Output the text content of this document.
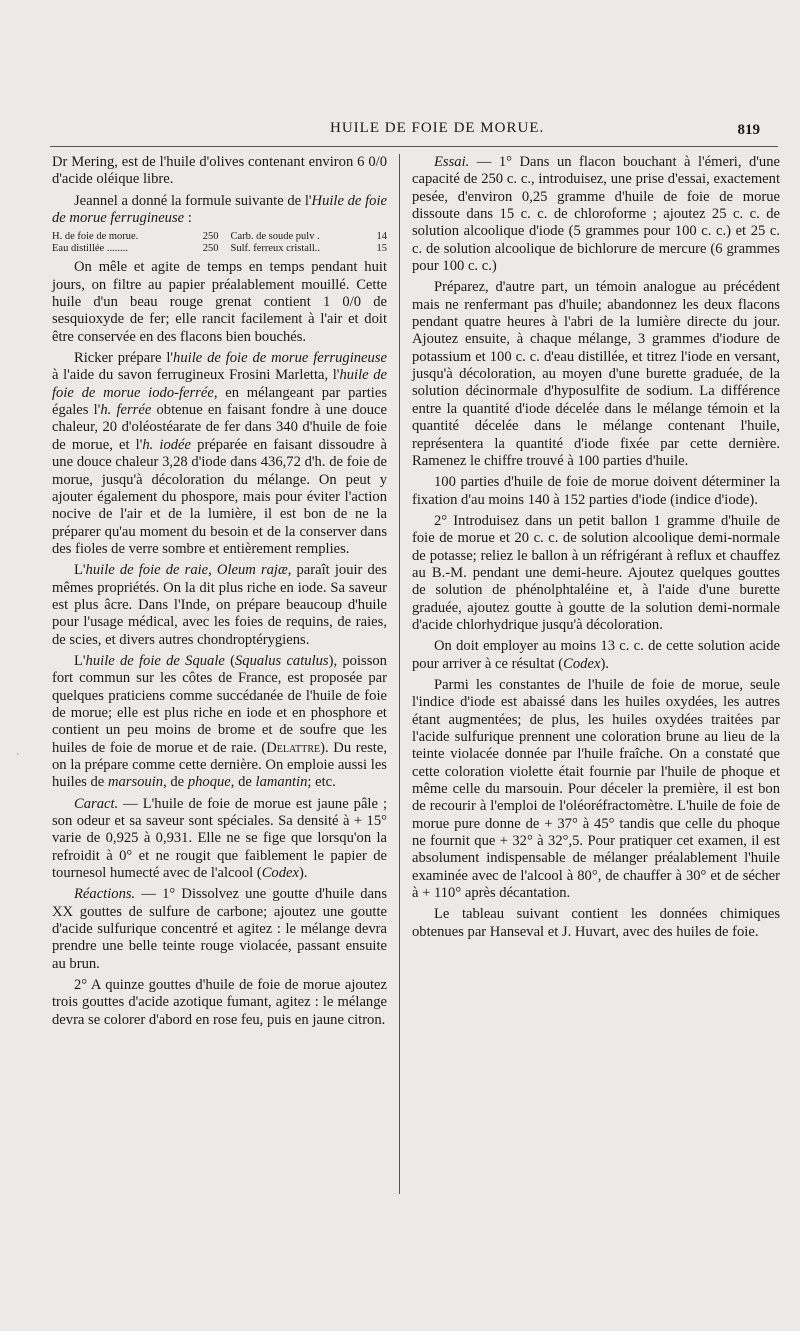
HUILE DE FOIE DE MORUE.	819
˴

Dr Mering, est de l'huile d'olives contenant environ 6 0/0 d'acide oléique libre.

Jeannel a donné la formule suivante de l'Huile de foie de morue ferrugineuse :

H. de foie de morue.	250	Carb. de soude pulv .	14
Eau distillée ........	250	Sulf. ferreux cristall..	15

On mêle et agite de temps en temps pendant huit jours, on filtre au papier préalablement mouillé. Cette huile d'un beau rouge grenat contient 1 0/0 de sesquioxyde de fer; elle rancit facilement à l'air et doit être conservée en des flacons bien bouchés.

Ricker prépare l'huile de foie de morue ferrugineuse à l'aide du savon ferrugineux Frosini Marletta, l'huile de foie de morue iodo-ferrée, en mélangeant par parties égales l'h. ferrée obtenue en faisant fondre à une douce chaleur, 20 d'oléostéarate de fer dans 340 d'huile de foie de morue, et l'h. iodée préparée en faisant dissoudre à une douce chaleur 3,28 d'iode dans 436,72 d'h. de foie de morue, jusqu'à décoloration du mélange. On peut y ajouter également du phospore, mais pour éviter l'action nocive de l'air et de la lumière, il est bon de ne la préparer qu'au moment du besoin et de la conserver dans des fioles de verre sombre et entièrement remplies.

L'huile de foie de raie, Oleum rajæ, paraît jouir des mêmes propriétés. On la dit plus riche en iode. Sa saveur est plus âcre. Dans l'Inde, on prépare beaucoup d'huile pour l'usage médical, avec les foies de requins, de raies, de scies, et divers autres chondroptérygiens.

L'huile de foie de Squale (Squalus catulus), poisson fort commun sur les côtes de France, est proposée par quelques praticiens comme succédanée de l'huile de foie de morue; elle est plus riche en iode et en phosphore et contient un peu moins de brome et de soufre que les huiles de foie de morue et de raie. (Delattre). Du reste, on la prépare comme cette dernière. On emploie aussi les huiles de marsouin, de phoque, de lamantin; etc.

Caract. — L'huile de foie de morue est jaune pâle ; son odeur et sa saveur sont spéciales. Sa densité à + 15° varie de 0,925 à 0,931. Elle ne se fige que lorsqu'on la refroidit à 0° et ne rougit que faiblement le papier de tournesol humecté avec de l'alcool (Codex).

Réactions. — 1° Dissolvez une goutte d'huile dans XX gouttes de sulfure de carbone; ajoutez une goutte d'acide sulfurique concentré et agitez : le mélange devra prendre une belle teinte rouge violacée, passant ensuite au brun.

2° A quinze gouttes d'huile de foie de morue ajoutez trois gouttes d'acide azotique fumant, agitez : le mélange devra se colorer d'abord en rose feu, puis en jaune citron.

Essai. — 1° Dans un flacon bouchant à l'émeri, d'une capacité de 250 c. c., introduisez, une prise d'essai, exactement pesée, d'environ 0,25 gramme d'huile de foie de morue dissoute dans 15 c. c. de chloroforme ; ajoutez 25 c. c. de solution alcoolique d'iode (5 grammes pour 100 c. c.) et 25 c. c. de solution alcoolique de bichlorure de mercure (6 grammes pour 100 c. c.)

Préparez, d'autre part, un témoin analogue au précédent mais ne renfermant pas d'huile; abandonnez les deux flacons pendant quatre heures à l'abri de la lumière directe du jour. Ajoutez ensuite, à chaque mélange, 3 grammes d'iodure de potassium et 100 c. c. d'eau distillée, et titrez l'iode en versant, jusqu'à décoloration, au moyen d'une burette graduée, de la solution décinormale d'hyposulfite de sodium. La différence entre la quantité d'iode décelée dans le mélange témoin et la quantité décelée dans le mélange contenant l'huile, représentera la quantité d'iode fixée par cette dernière. Ramenez le chiffre trouvé à 100 parties d'huile.

100 parties d'huile de foie de morue doivent déterminer la fixation d'au moins 140 à 152 parties d'iode (indice d'iode).

2° Introduisez dans un petit ballon 1 gramme d'huile de foie de morue et 20 c. c. de solution alcoolique demi-normale de potasse; reliez le ballon à un réfrigérant à reflux et chauffez au B.-M. pendant une demi-heure. Ajoutez quelques gouttes de solution de phénolphtaléine et, à l'aide d'une burette graduée, ajoutez goutte à goutte de la solution demi-normale d'acide chlorhydrique jusqu'à décoloration.

On doit employer au moins 13 c. c. de cette solution acide pour arriver à ce résultat (Codex).

Parmi les constantes de l'huile de foie de morue, seule l'indice d'iode est abaissé dans les huiles oxydées, les autres étant augmentées; de plus, les huiles oxydées traitées par l'acide sulfurique prennent une coloration brune au lieu de la teinte violacée donnée par l'huile fraîche. On a constaté que cette coloration violette était fournie par l'huile de phoque et même celle du marsouin. Pour déceler la première, il est bon de recourir à l'emploi de l'oléoréfractomètre. L'huile de foie de morue pure donne de + 37° à 45° tandis que celle du phoque ne fournit que + 32° à 32°,5. Pour pratiquer cet examen, il est absolument indispensable de mélanger préalablement l'huile examinée avec de l'alcool à 80°, de chauffer à 30° et de sécher à + 110° après décantation.

Le tableau suivant contient les données chimiques obtenues par Hanseval et J. Huvart, avec des huiles de foie.
